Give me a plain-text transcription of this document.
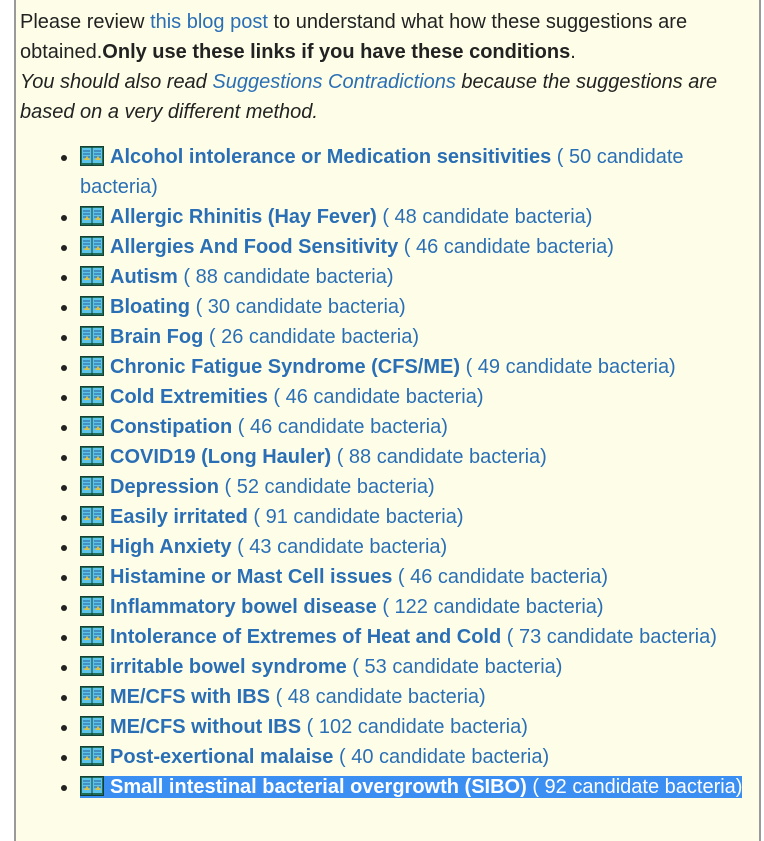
Please review this blog post to understand what how these suggestions are obtained.Only use these links if you have these conditions.

You should also read Suggestions Contradictions because the suggestions are based on a very different method.

Alcohol intolerance or Medication sensitivities ( 50 candidate bacteria)
Allergic Rhinitis (Hay Fever) ( 48 candidate bacteria)
Allergies And Food Sensitivity ( 46 candidate bacteria)
Autism ( 88 candidate bacteria)
Bloating ( 30 candidate bacteria)
Brain Fog ( 26 candidate bacteria)
Chronic Fatigue Syndrome (CFS/ME) ( 49 candidate bacteria)
Cold Extremities ( 46 candidate bacteria)
Constipation ( 46 candidate bacteria)
COVID19 (Long Hauler) ( 88 candidate bacteria)
Depression ( 52 candidate bacteria)
Easily irritated ( 91 candidate bacteria)
High Anxiety ( 43 candidate bacteria)
Histamine or Mast Cell issues ( 46 candidate bacteria)
Inflammatory bowel disease ( 122 candidate bacteria)
Intolerance of Extremes of Heat and Cold ( 73 candidate bacteria)
irritable bowel syndrome ( 53 candidate bacteria)
ME/CFS with IBS ( 48 candidate bacteria)
ME/CFS without IBS ( 102 candidate bacteria)
Post-exertional malaise ( 40 candidate bacteria)
Small intestinal bacterial overgrowth (SIBO) ( 92 candidate bacteria)
